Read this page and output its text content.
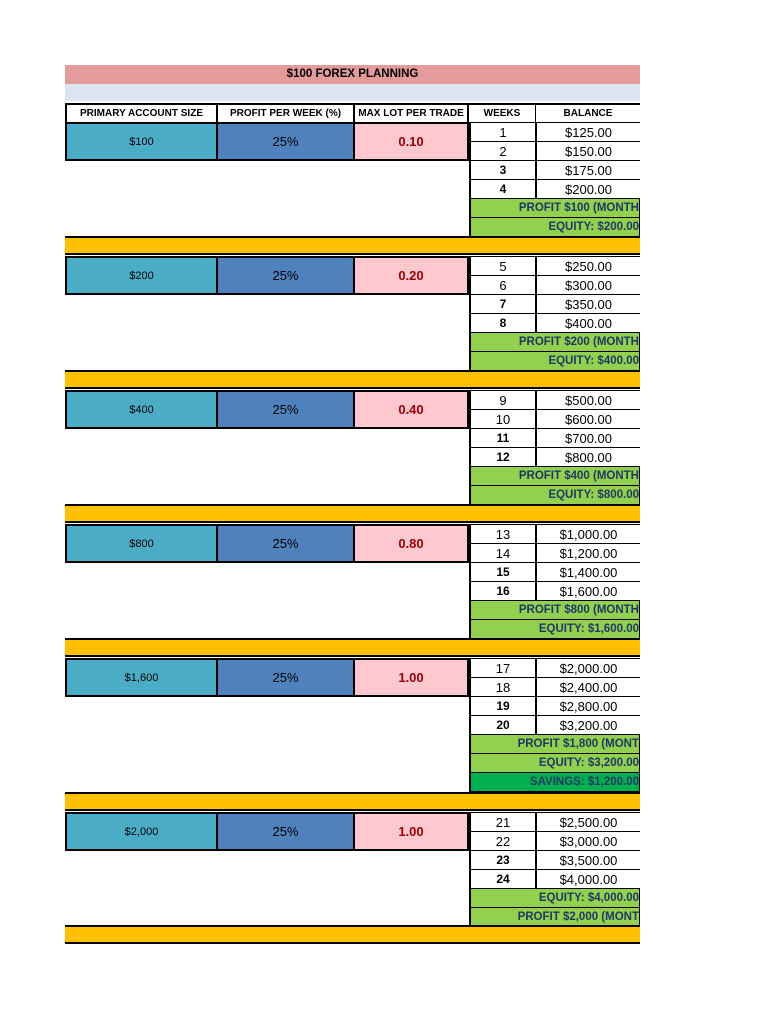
$100 FOREX PLANNING
PRIMARY ACCOUNT SIZE	PROFIT PER WEEK (%)	MAX LOT PER TRADE	WEEKS	BALANCE
$100	25%	0.10
1	$125.00
2	$150.00
3	$175.00
4	$200.00
PROFIT $100 (MONTH
EQUITY: $200.00
$200	25%	0.20
5	$250.00
6	$300.00
7	$350.00
8	$400.00
PROFIT $200 (MONTH
EQUITY: $400.00
$400	25%	0.40
9	$500.00
10	$600.00
11	$700.00
12	$800.00
PROFIT $400 (MONTH
EQUITY: $800.00
$800	25%	0.80
13	$1,000.00
14	$1,200.00
15	$1,400.00
16	$1,600.00
PROFIT $800 (MONTH
EQUITY: $1,600.00
$1,600	25%	1.00
17	$2,000.00
18	$2,400.00
19	$2,800.00
20	$3,200.00
PROFIT $1,800 (MONT
EQUITY: $3,200.00
SAVINGS: $1,200.00
$2,000	25%	1.00
21	$2,500.00
22	$3,000.00
23	$3,500.00
24	$4,000.00
EQUITY: $4,000.00
PROFIT $2,000 (MONT
